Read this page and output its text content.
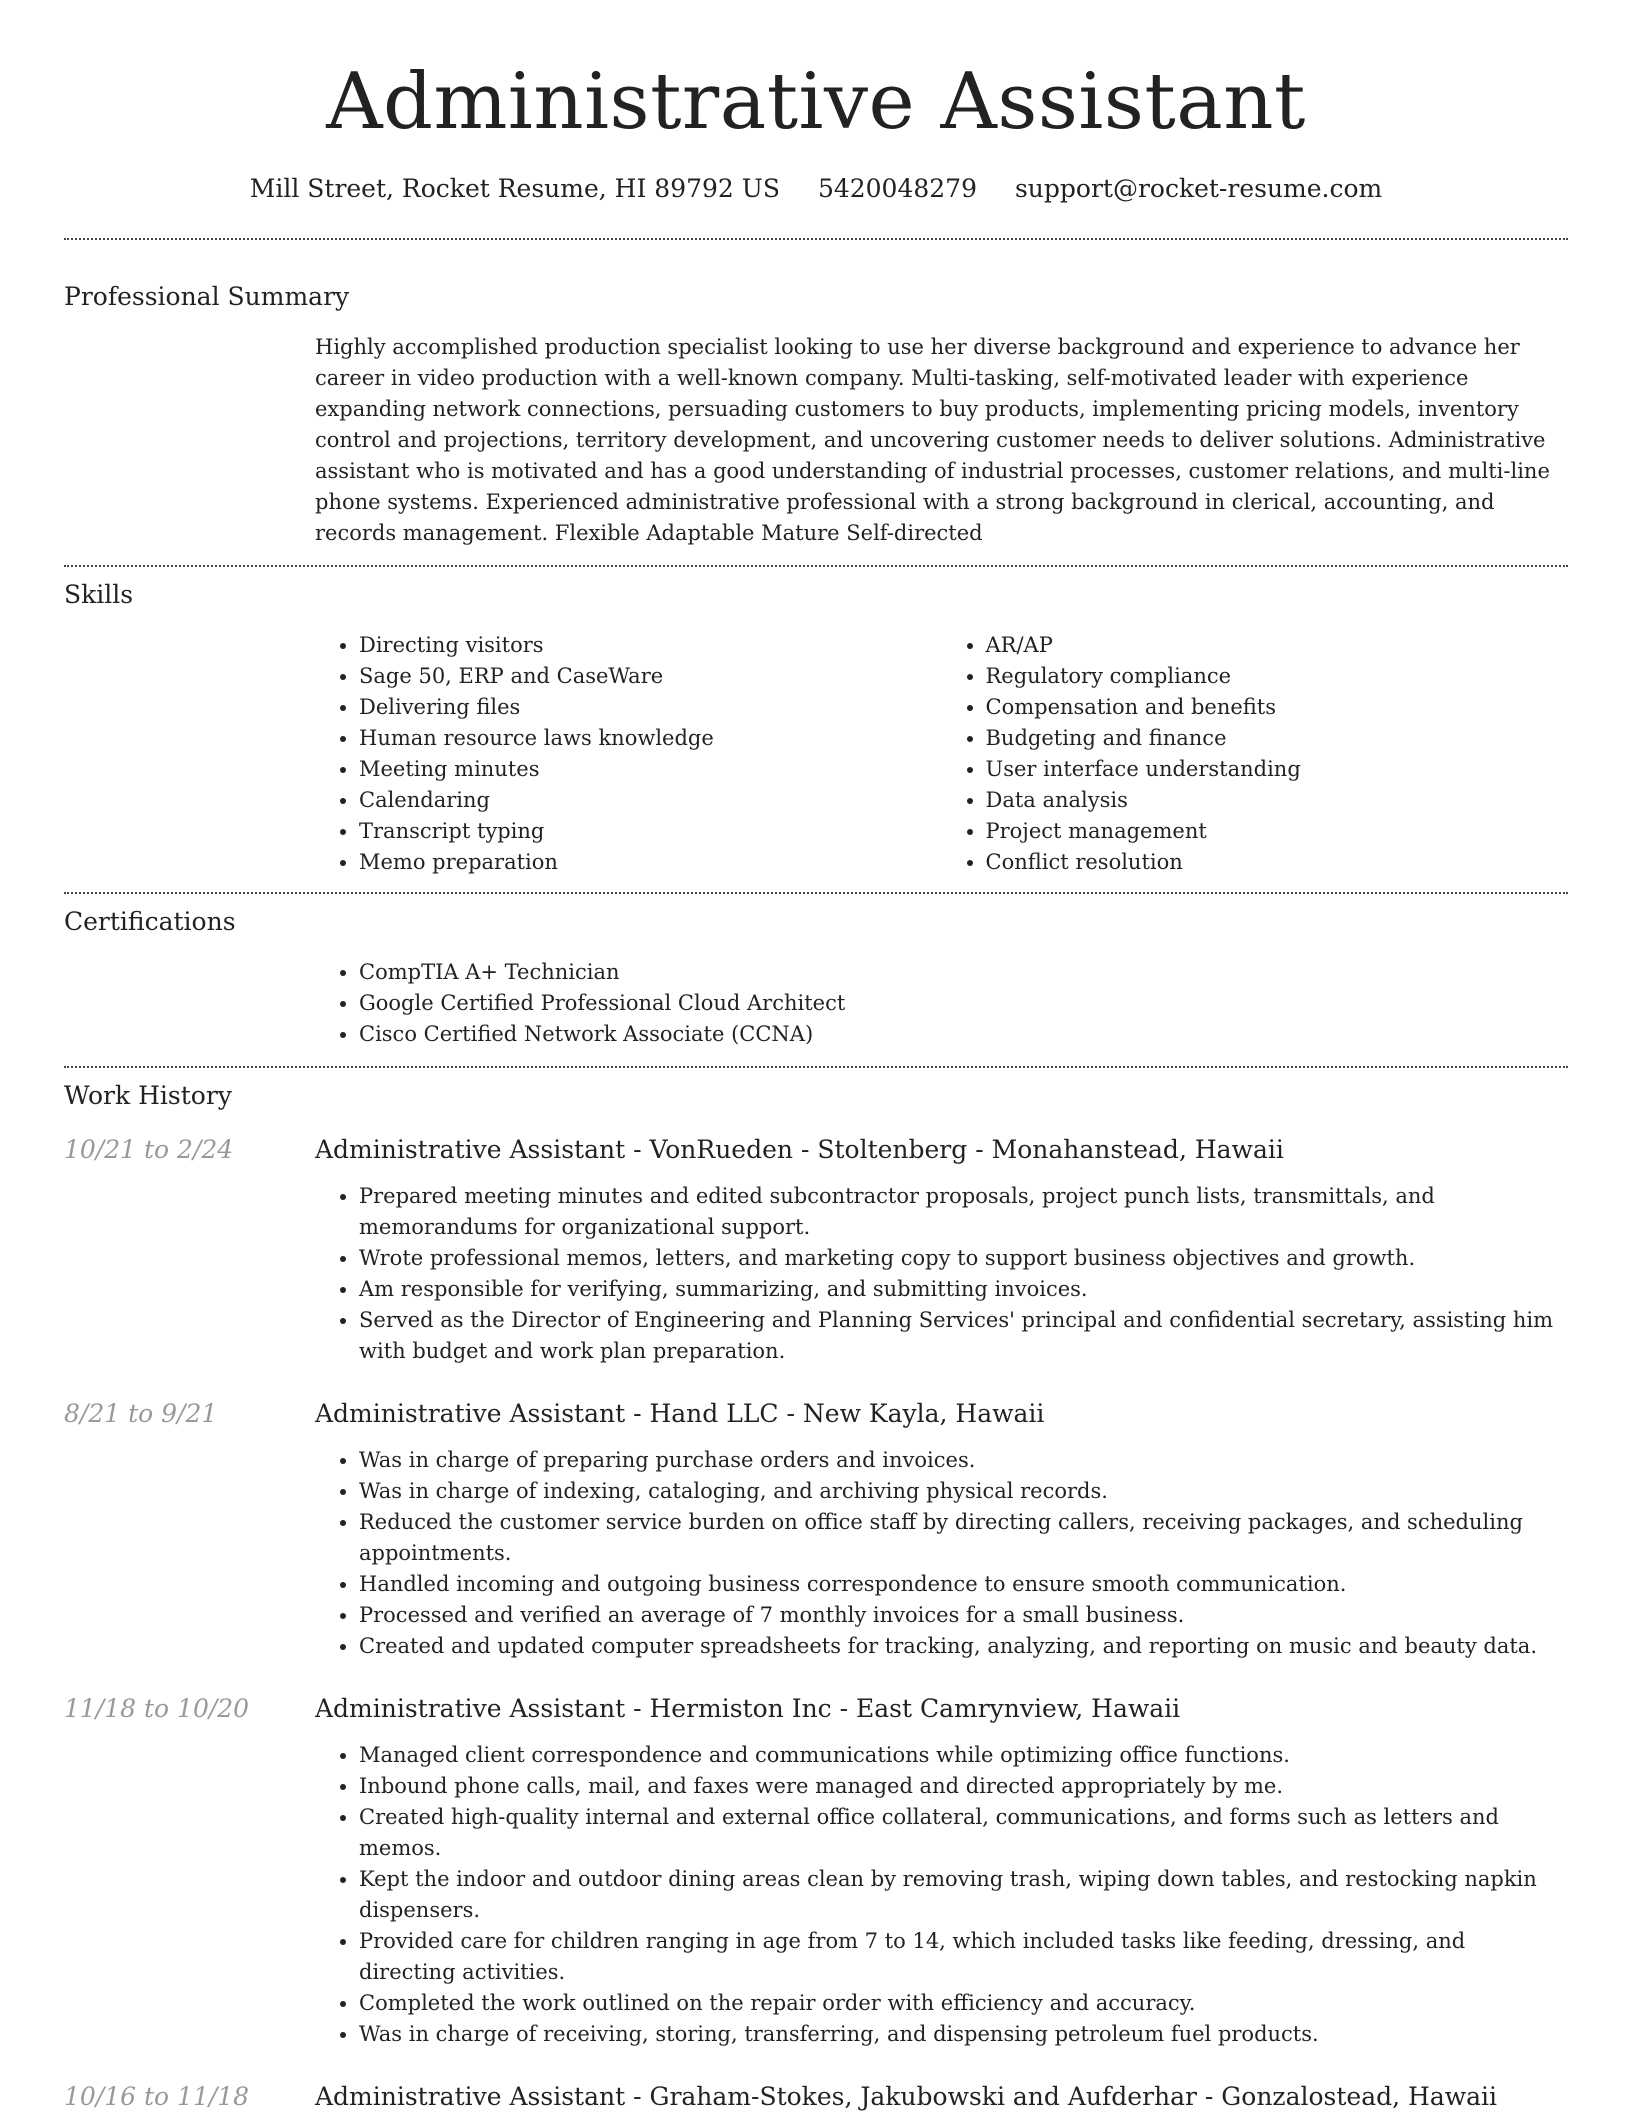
Administrative Assistant
Mill Street, Rocket Resume, HI 89792 US 5420048279 support@rocket-resume.com
Professional Summary
Highly accomplished production specialist looking to use her diverse background and experience to advance her career in video production with a well-known company. Multi-tasking, self-motivated leader with experience expanding network connections, persuading customers to buy products, implementing pricing models, inventory control and projections, territory development, and uncovering customer needs to deliver solutions. Administrative assistant who is motivated and has a good understanding of industrial processes, customer relations, and multi-line phone systems. Experienced administrative professional with a strong background in clerical, accounting, and records management. Flexible Adaptable Mature Self-directed
Skills
• Directing visitors
• Sage 50, ERP and CaseWare
• Delivering files
• Human resource laws knowledge
• Meeting minutes
• Calendaring
• Transcript typing
• Memo preparation
• AR/AP
• Regulatory compliance
• Compensation and benefits
• Budgeting and finance
• User interface understanding
• Data analysis
• Project management
• Conflict resolution
Certifications
• CompTIA A+ Technician
• Google Certified Professional Cloud Architect
• Cisco Certified Network Associate (CCNA)
Work History
10/21 to 2/24	Administrative Assistant - VonRueden - Stoltenberg - Monahanstead, Hawaii
• Prepared meeting minutes and edited subcontractor proposals, project punch lists, transmittals, and memorandums for organizational support.
• Wrote professional memos, letters, and marketing copy to support business objectives and growth.
• Am responsible for verifying, summarizing, and submitting invoices.
• Served as the Director of Engineering and Planning Services' principal and confidential secretary, assisting him with budget and work plan preparation.
8/21 to 9/21	Administrative Assistant - Hand LLC - New Kayla, Hawaii
• Was in charge of preparing purchase orders and invoices.
• Was in charge of indexing, cataloging, and archiving physical records.
• Reduced the customer service burden on office staff by directing callers, receiving packages, and scheduling appointments.
• Handled incoming and outgoing business correspondence to ensure smooth communication.
• Processed and verified an average of 7 monthly invoices for a small business.
• Created and updated computer spreadsheets for tracking, analyzing, and reporting on music and beauty data.
11/18 to 10/20	Administrative Assistant - Hermiston Inc - East Camrynview, Hawaii
• Managed client correspondence and communications while optimizing office functions.
• Inbound phone calls, mail, and faxes were managed and directed appropriately by me.
• Created high-quality internal and external office collateral, communications, and forms such as letters and memos.
• Kept the indoor and outdoor dining areas clean by removing trash, wiping down tables, and restocking napkin dispensers.
• Provided care for children ranging in age from 7 to 14, which included tasks like feeding, dressing, and directing activities.
• Completed the work outlined on the repair order with efficiency and accuracy.
• Was in charge of receiving, storing, transferring, and dispensing petroleum fuel products.
10/16 to 11/18	Administrative Assistant - Graham-Stokes, Jakubowski and Aufderhar - Gonzalostead, Hawaii
